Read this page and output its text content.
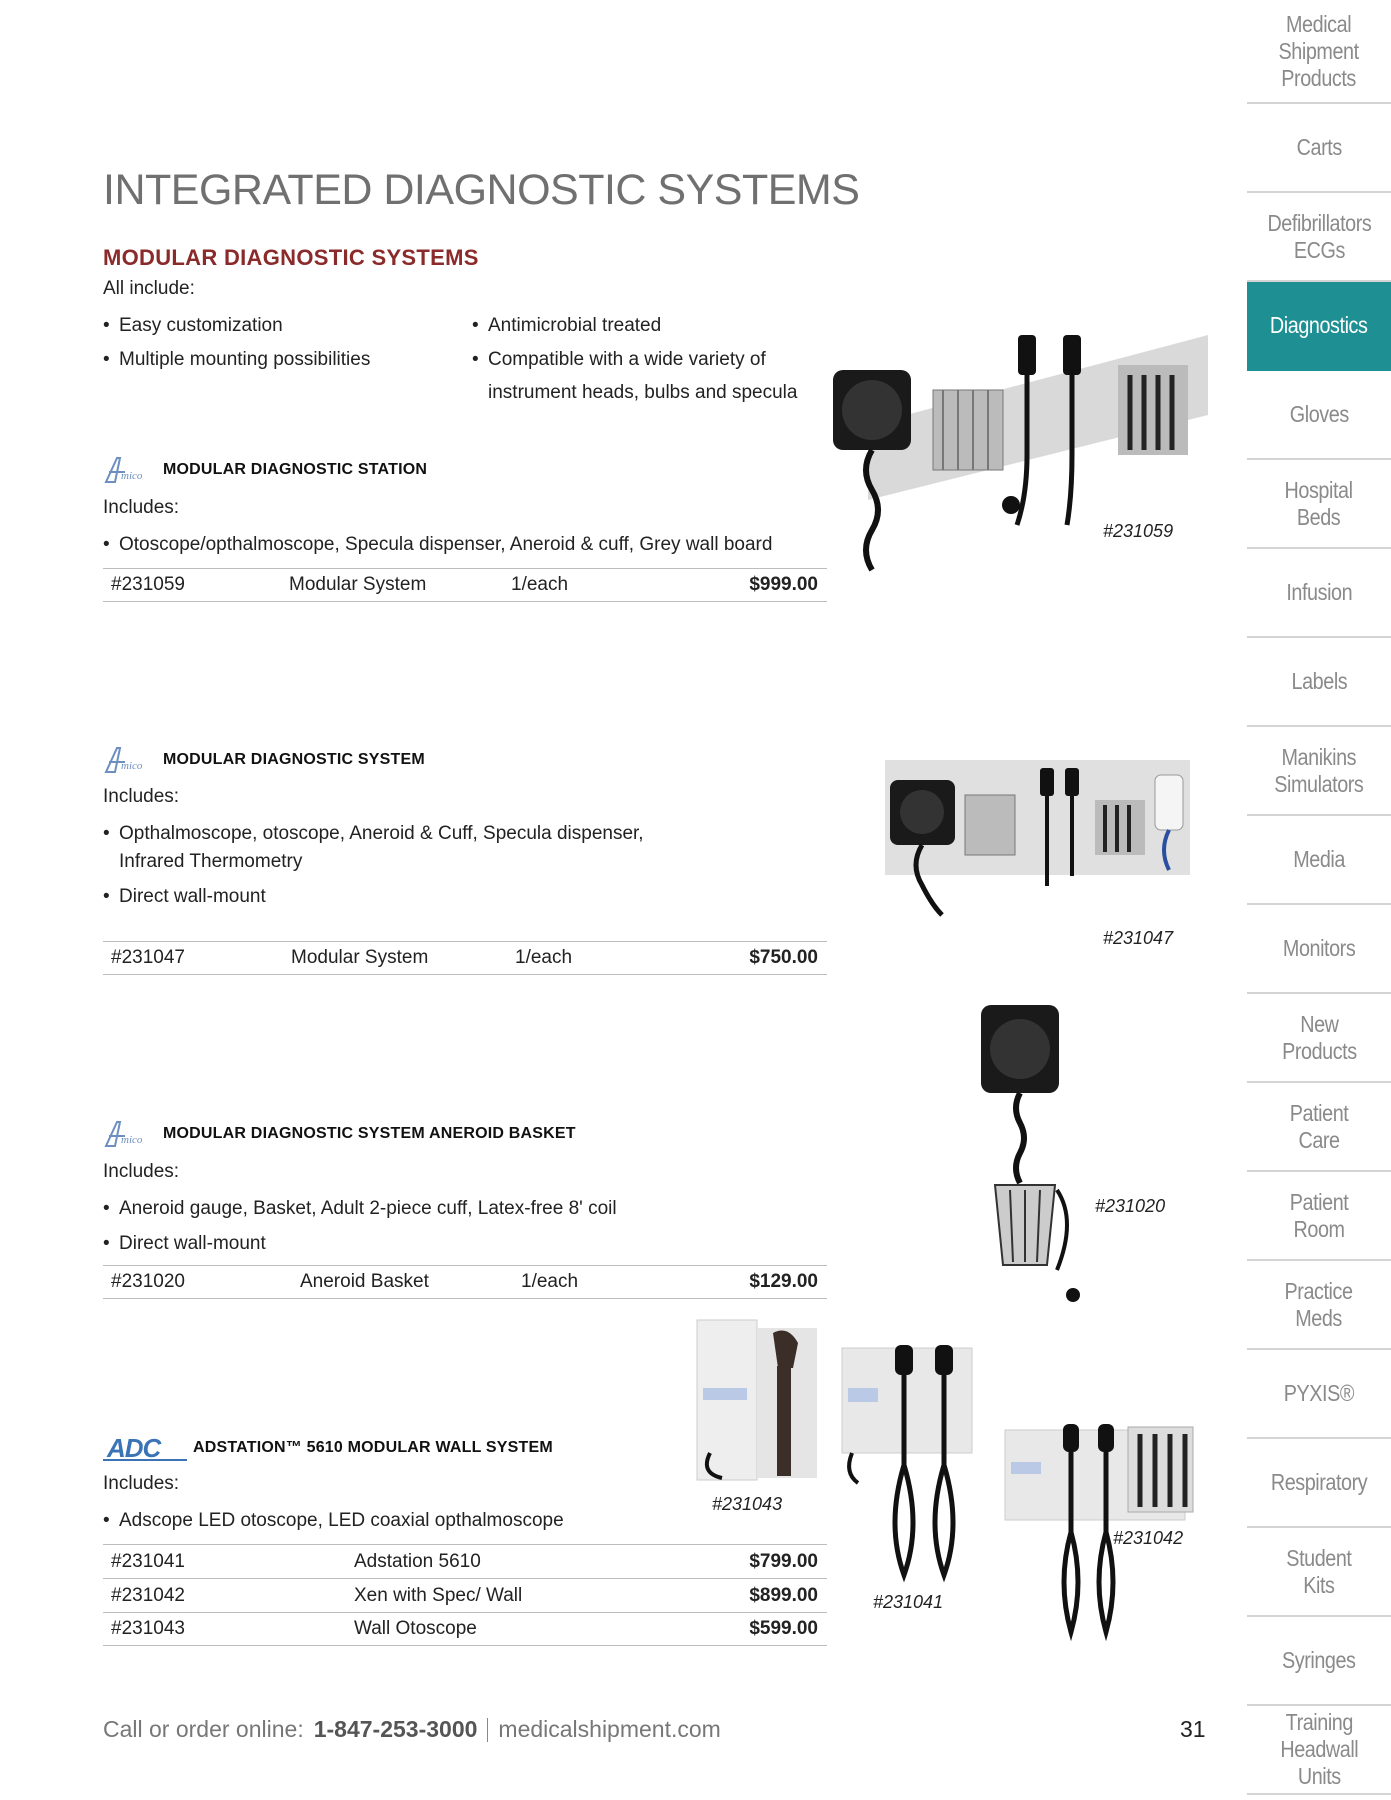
INTEGRATED DIAGNOSTIC SYSTEMS
MODULAR DIAGNOSTIC SYSTEMS
All include:
• Easy customization
• Multiple mounting possibilities
• Antimicrobial treated
• Compatible with a wide variety of
instrument heads, bulbs and specula
mico MODULAR DIAGNOSTIC STATION
Includes:
• Otoscope/opthalmoscope, Specula dispenser, Aneroid & cuff, Grey wall board
#231059	Modular System	1/each	$999.00
#231059
mico MODULAR DIAGNOSTIC SYSTEM
Includes:
• Opthalmoscope, otoscope, Aneroid & Cuff, Specula dispenser,
Infrared Thermometry
• Direct wall-mount
#231047	Modular System	1/each	$750.00
#231047
mico MODULAR DIAGNOSTIC SYSTEM ANEROID BASKET
Includes:
• Aneroid gauge, Basket, Adult 2-piece cuff, Latex-free 8' coil
• Direct wall-mount
#231020	Aneroid Basket	1/each	$129.00
#231020
ADC ADSTATION™ 5610 MODULAR WALL SYSTEM
Includes:
• Adscope LED otoscope, LED coaxial opthalmoscope
#231041	Adstation 5610	$799.00
#231042	Xen with Spec/ Wall	$899.00
#231043	Wall Otoscope	$599.00
#231043
#231041
#231042
Call or order online: 1-847-253-3000 medicalshipment.com	31
Medical
Shipment
Products
Carts
Defibrillators
ECGs
Diagnostics
Gloves
Hospital
Beds
Infusion
Labels
Manikins
Simulators
Media
Monitors
New
Products
Patient
Care
Patient
Room
Practice
Meds
PYXIS®
Respiratory
Student
Kits
Syringes
Training
Headwall
Units
